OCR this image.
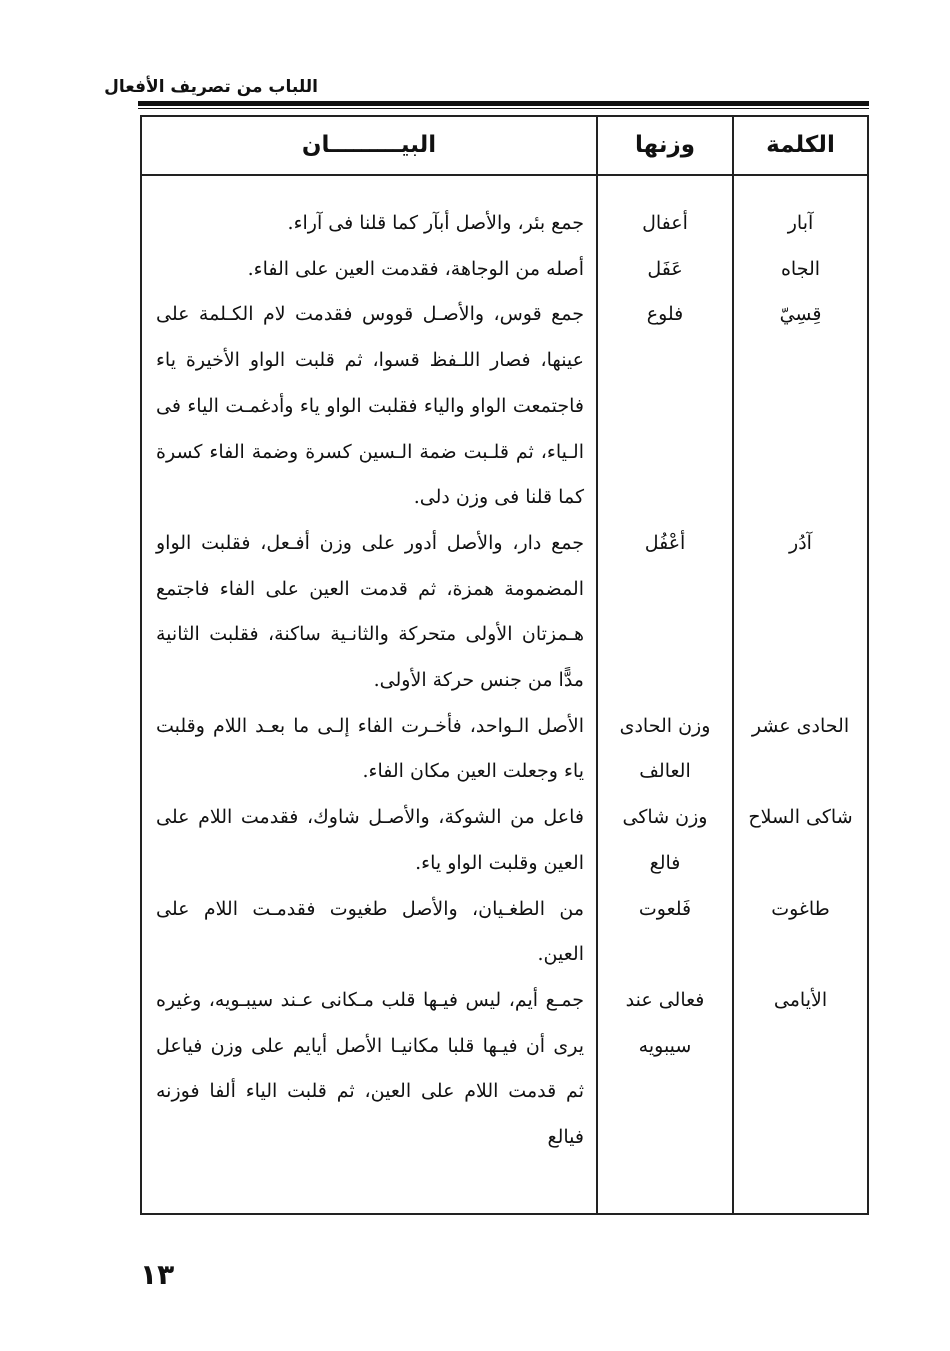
اللباب من تصريف الأفعال
الكلمة
وزنها
البيـــــــــان
آبار
أعفال
جمع بئر، والأصل أبآر كما قلنا فى آراء.
الجاه
عَفَل
أصله من الوجاهة، فقدمت العين على الفاء.
قِسِيّ
فلوع
جمع قوس، والأصـل قووس فقدمت لام الكـلمة على عينها، فصار اللـفظ قسوا، ثم قلبت الواو الأخيرة ياء فاجتمعت الواو والياء فقلبت الواو ياء وأدغمـت الياء فى الـياء، ثم قلـبت ضمة الـسين كسرة وضمة الفاء كسرة كما قلنا فى وزن دلى.
آدُر
أعْفُل
جمع دار، والأصل أدور على وزن أفـعل، فقلبت الواو المضمومة همزة، ثم قدمت العين على الفاء فاجتمع هـمزتان الأولى متحركة والثانـية ساكنة، فقلبت الثانية مدًّا من جنس حركة الأولى.
الحادى عشر
وزن الحادى
العالف
الأصل الـواحد، فأخـرت الفاء إلـى ما بعـد اللام وقلبت ياء وجعلت العين مكان الفاء.
شاكى السلاح
وزن شاكى
فالع
فاعل من الشوكة، والأصـل شاوك، فقدمت اللام على العين وقلبت الواو ياء.
طاغوت
فَلعوت
من الطغـيان، والأصل طغيوت فقدمـت اللام على العين.
الأيامى
فعالى عند
سيبويه
جمـع أيم، ليس فيـها قلب مـكانى عـند سيبـويه، وغيره يرى أن فيـها قلبا مكانيـا الأصل أيايم على وزن فياعل ثم قدمت اللام على العين، ثم قلبت الياء ألفا فوزنه فيالع
١٣
